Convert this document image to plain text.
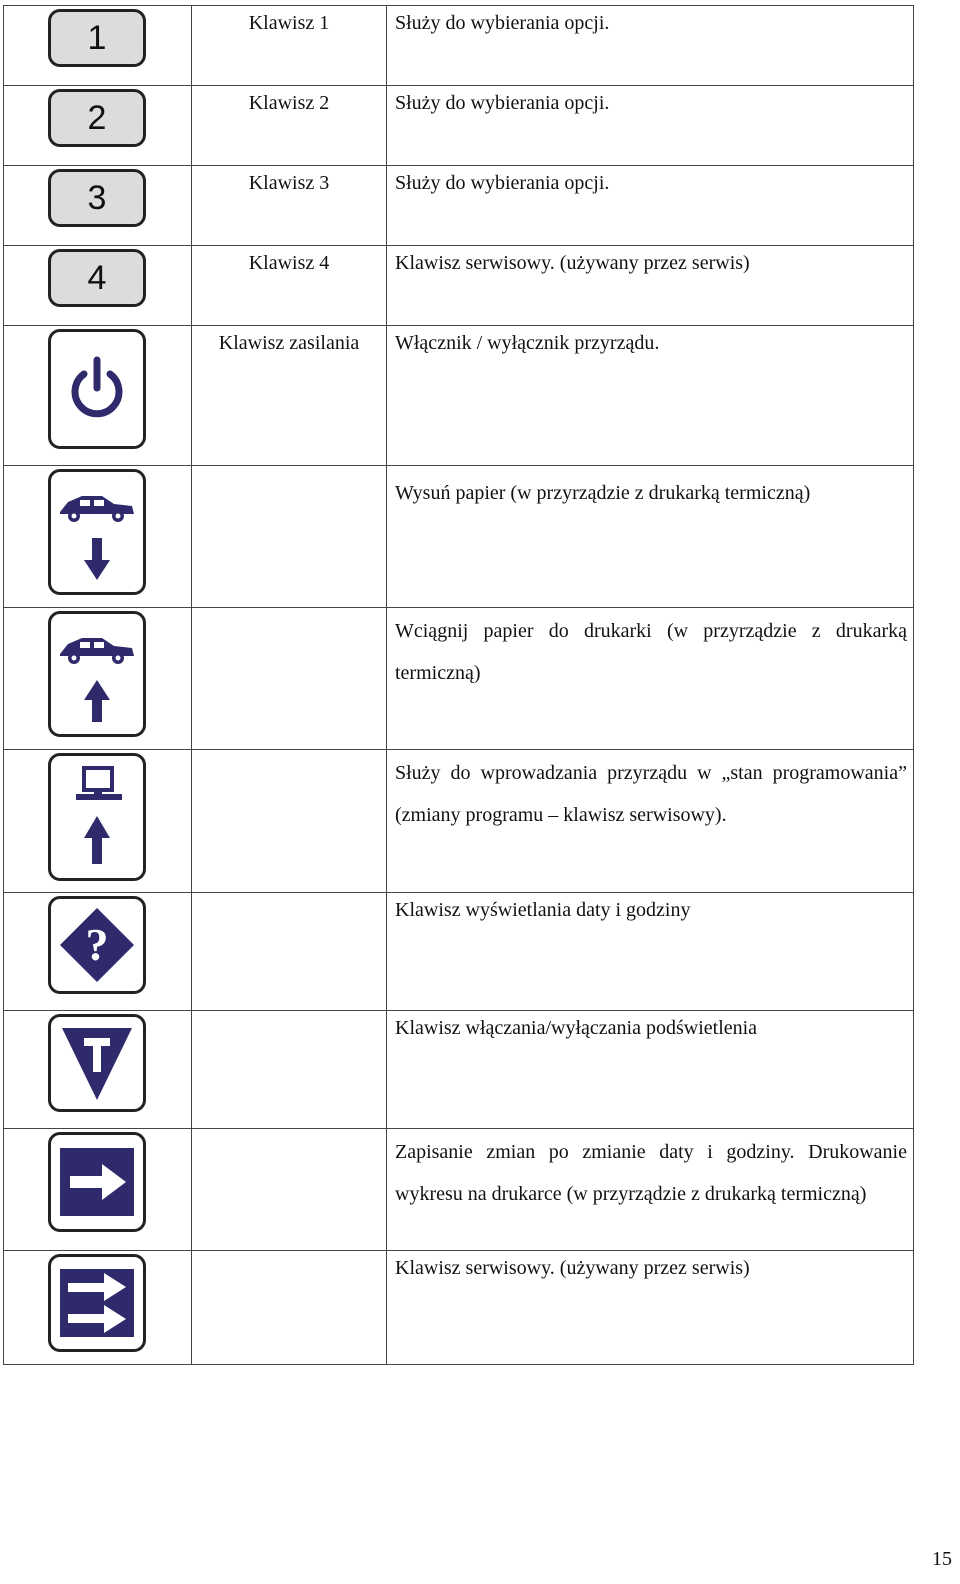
1	Klawisz 1	Służy do wybierania opcji.

2	Klawisz 2	Służy do wybierania opcji.

3	Klawisz 3	Służy do wybierania opcji.

4	Klawisz 4	Klawisz serwisowy. (używany przez serwis)

	Klawisz zasilania	Włącznik / wyłącznik przyrządu.

		Wysuń papier (w przyrządzie z drukarką termiczną)

		Wciągnij papier do drukarki (w przyrządzie z drukarką termiczną)

		Służy do wprowadzania przyrządu w „stan programowania” (zmiany programu – klawisz serwisowy).

?		Klawisz wyświetlania daty i godziny

		Klawisz włączania/wyłączania podświetlenia

		Zapisanie zmian po zmianie daty i godziny. Drukowanie wykresu na drukarce (w przyrządzie z drukarką termiczną)

		Klawisz serwisowy. (używany przez serwis)
15
